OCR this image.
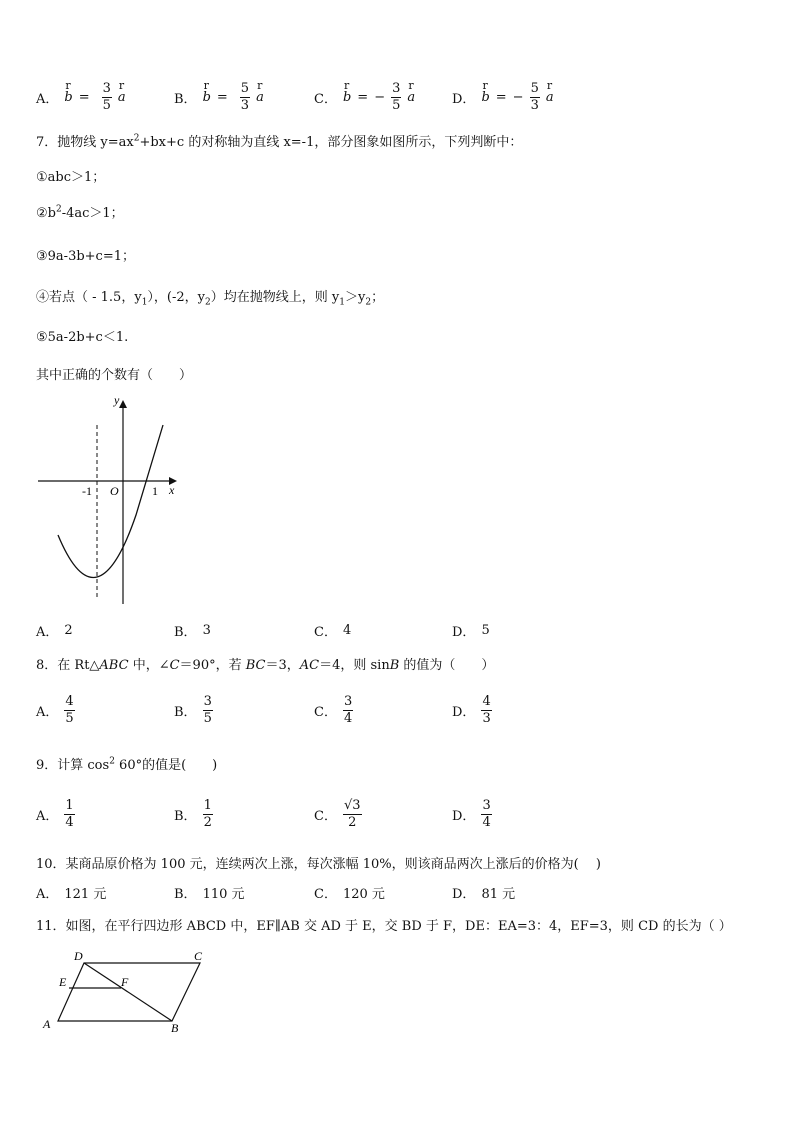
A．
r
$b = \frac{3}{5}$ r
a	B．
r
$b = \frac{5}{3}$ r
a	C．
r
b = − $\frac{3}{5}$ r
a	D．
r
b = − $\frac{5}{3}$ r
a
7．抛物线 $y=ax^2+bx+c$ 的对称轴为直线 x=-1，部分图象如图所示，下列判断中：
①abc＞1；
$②b^2-4ac>1$；
③9a-3b+c=1；
④若点（ - 1.5，$y_1$），(-2，$y_2$）均在抛物线上，则 $y_1>y_2$；
⑤5a-2b+c＜1.
其中正确的个数有（　　）
y
x
-1 O	1
A． 2	B． 3	C． 4	D． 5
8．在 Rt△ABC 中，∠C＝90°，若 BC＝3，AC＝4，则 sinB 的值为（　　）
A． $\frac{4}{5}$	B． $\frac{3}{5}$	C． $\frac{3}{4}$	D． $\frac{4}{3}$
9．计算 $\cos^2 60^\circ$的值是(　　)
A． $\frac{1}{4}$	B． $\frac{1}{2}$	C． $\frac{√3}{2}$	D． $\frac{3}{4}$
10．某商品原价格为 100 元，连续两次上涨，每次涨幅 10%，则该商品两次上涨后的价格为(　 )
A． 121 元	B． 110 元	C． 120 元	D． 81 元
11．如图，在平行四边形 ABCD 中，EF∥AB 交 AD 于 E，交 BD 于 F，DE：EA=3：4，EF=3，则 CD 的长为（ ）
D	C
E	F
A	B
